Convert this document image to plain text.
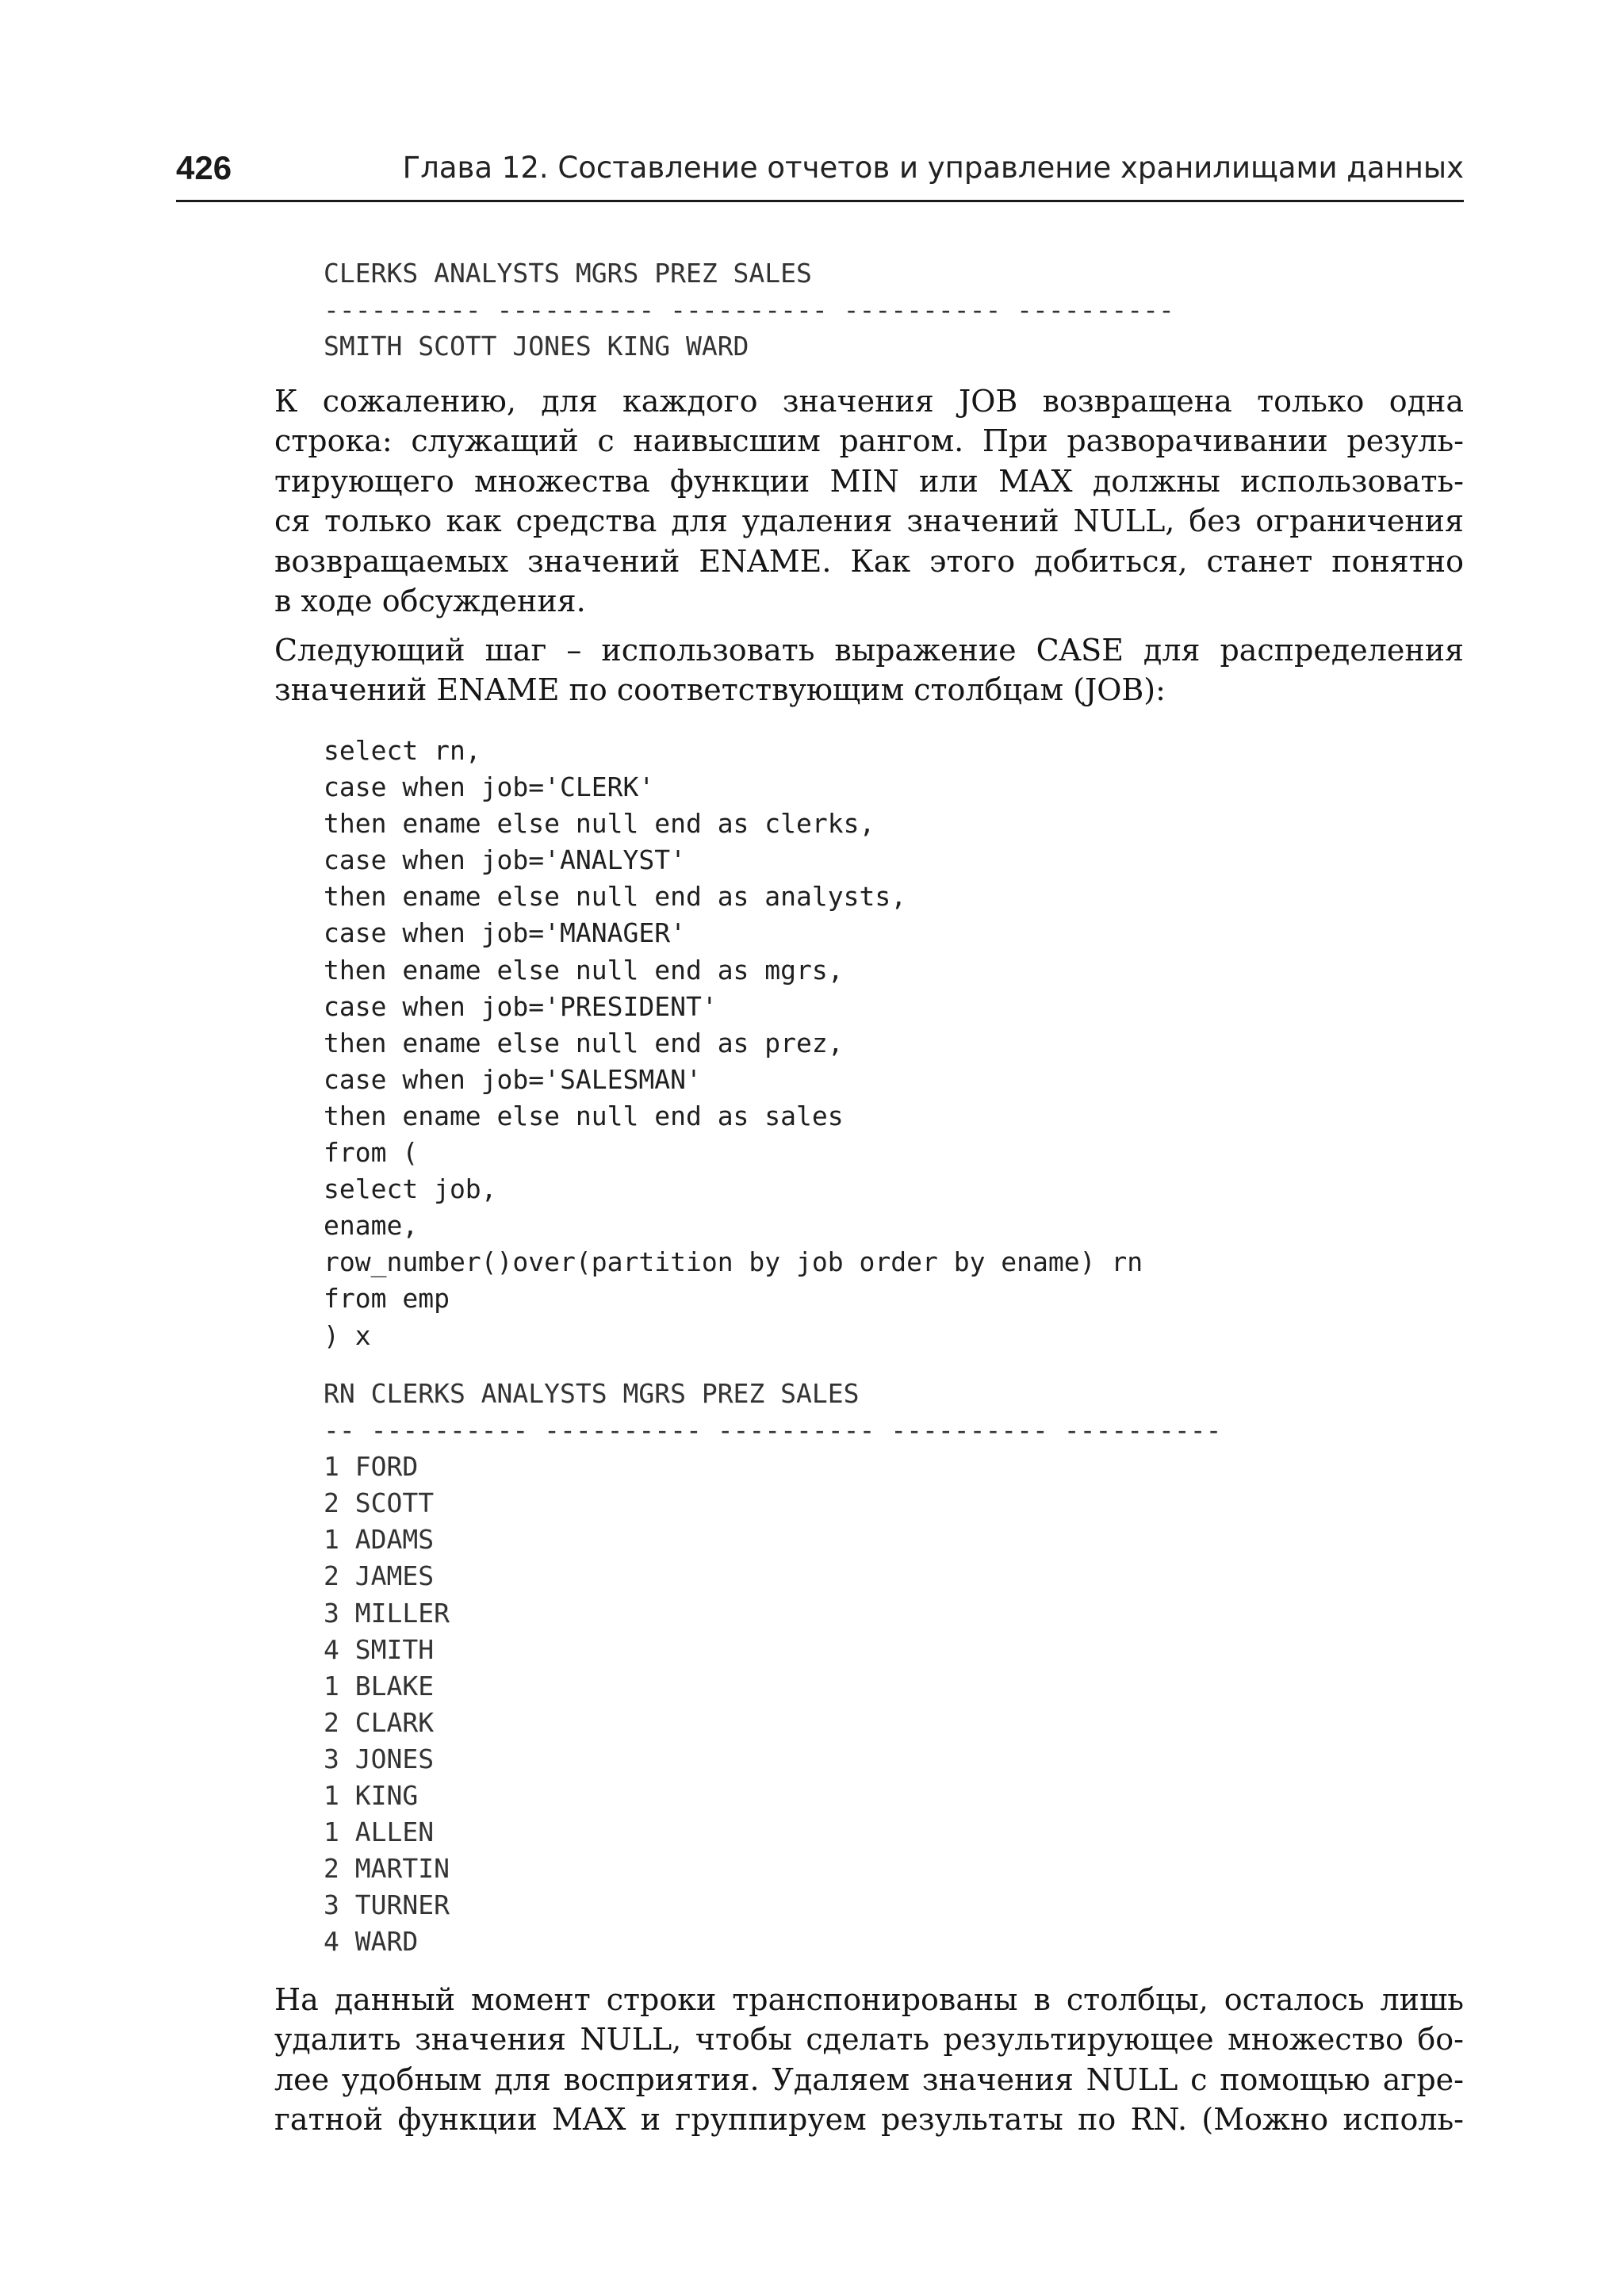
426	Глава 12. Составление отчетов и управление хранилищами данных
CLERKS ANALYSTS MGRS PREZ SALES
---------- ---------- ---------- ---------- ----------
SMITH SCOTT JONES KING WARD
К сожалению, для каждого значения JOB возвращена только одна
строка: служащий с наивысшим рангом. При разворачивании резуль-
тирующего множества функции MIN или MAX должны использовать-
ся только как средства для удаления значений NULL, без ограничения
возвращаемых значений ENAME. Как этого добиться, станет понятно
в ходе обсуждения.
Следующий шаг – использовать выражение CASE для распределения
значений ENAME по соответствующим столбцам (JOB):
select rn,
case when job='CLERK'
then ename else null end as clerks,
case when job='ANALYST'
then ename else null end as analysts,
case when job='MANAGER'
then ename else null end as mgrs,
case when job='PRESIDENT'
then ename else null end as prez,
case when job='SALESMAN'
then ename else null end as sales
from (
select job,
ename,
row_number()over(partition by job order by ename) rn
from emp
) x
RN CLERKS ANALYSTS MGRS PREZ SALES
-- ---------- ---------- ---------- ---------- ----------
1 FORD
2 SCOTT
1 ADAMS
2 JAMES
3 MILLER
4 SMITH
1 BLAKE
2 CLARK
3 JONES
1 KING
1 ALLEN
2 MARTIN
3 TURNER
4 WARD
На данный момент строки транспонированы в столбцы, осталось лишь
удалить значения NULL, чтобы сделать результирующее множество бо-
лее удобным для восприятия. Удаляем значения NULL с помощью агре-
гатной функции MAX и группируем результаты по RN. (Можно исполь-
